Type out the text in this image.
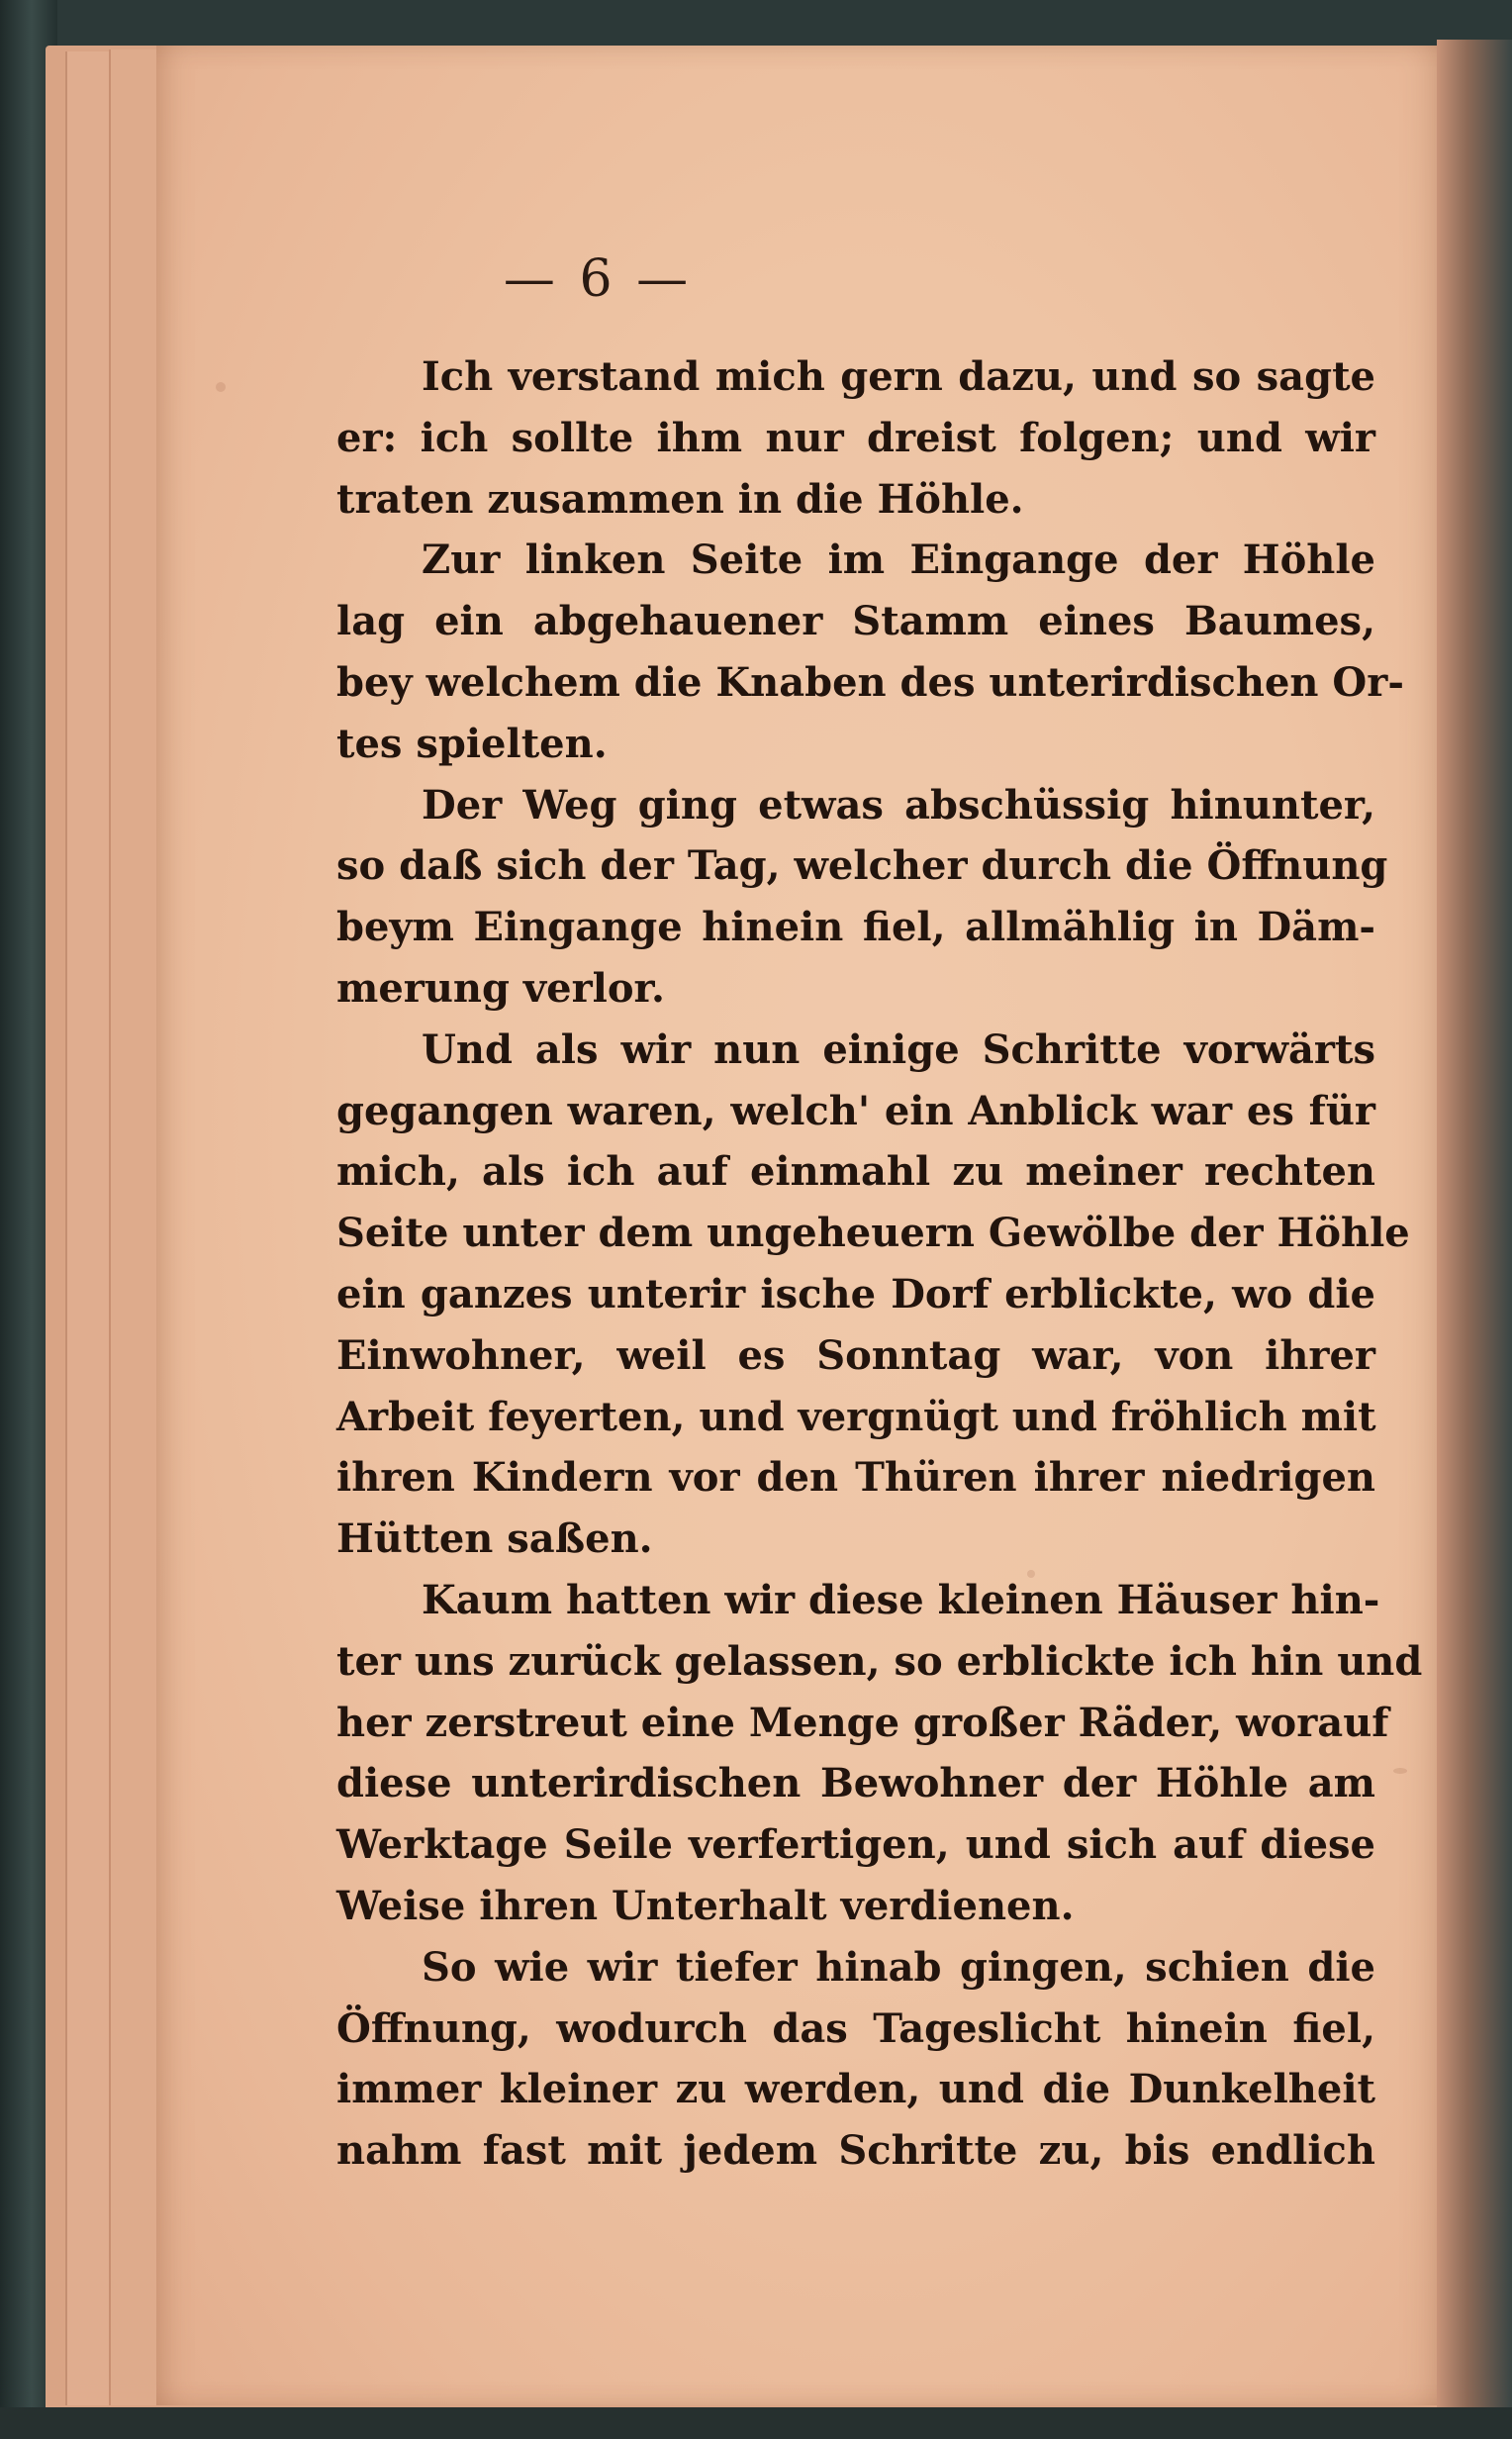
— 6 —
Ich verstand mich gern dazu, und so sagte
er: ich sollte ihm nur dreist folgen; und wir
traten zusammen in die Höhle.
Zur linken Seite im Eingange der Höhle
lag ein abgehauener Stamm eines Baumes,
bey welchem die Knaben des unterirdischen Or-
tes spielten.
Der Weg ging etwas abschüssig hinunter,
so daß sich der Tag, welcher durch die Öffnung
beym Eingange hinein fiel, allmählig in Däm-
merung verlor.
Und als wir nun einige Schritte vorwärts
gegangen waren, welch' ein Anblick war es für
mich, als ich auf einmahl zu meiner rechten
Seite unter dem ungeheuern Gewölbe der Höhle
ein ganzes unterir ische Dorf erblickte, wo die
Einwohner, weil es Sonntag war, von ihrer
Arbeit feyerten, und vergnügt und fröhlich mit
ihren Kindern vor den Thüren ihrer niedrigen
Hütten saßen.
Kaum hatten wir diese kleinen Häuser hin-
ter uns zurück gelassen, so erblickte ich hin und
her zerstreut eine Menge großer Räder, worauf
diese unterirdischen Bewohner der Höhle am
Werktage Seile verfertigen, und sich auf diese
Weise ihren Unterhalt verdienen.
So wie wir tiefer hinab gingen, schien die
Öffnung, wodurch das Tageslicht hinein fiel,
immer kleiner zu werden, und die Dunkelheit
nahm fast mit jedem Schritte zu, bis endlich
